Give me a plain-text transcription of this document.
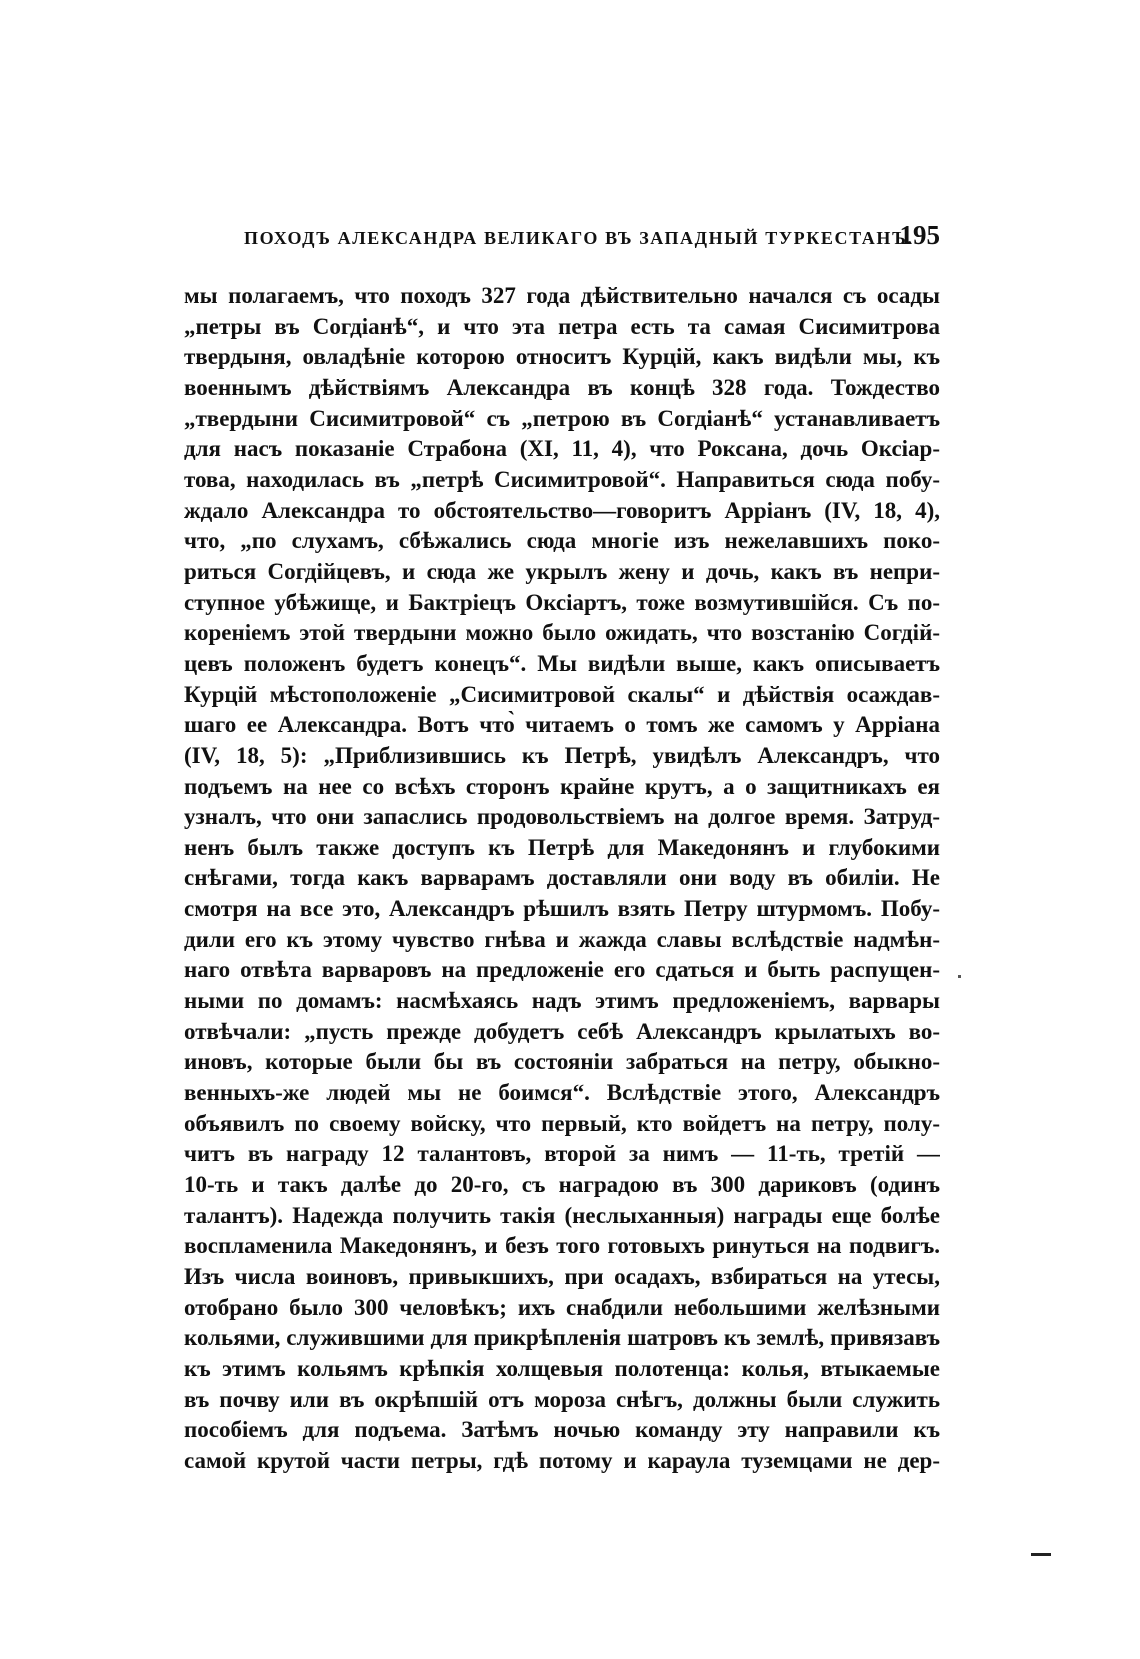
ПОХОДЪ АЛЕКСАНДРА ВЕЛИКАГО ВЪ ЗАПАДНЫЙ ТУРКЕСТАНЪ.
195
мы полагаемъ, что походъ 327 года дѣйствительно начался съ осады
„петры въ Согдіанѣ“, и что эта петра есть та самая Сисимитрова
твердыня, овладѣніе которою относитъ Курцій, какъ видѣли мы, къ
военнымъ дѣйствіямъ Александра въ концѣ 328 года. Тождество
„твердыни Сисимитровой“ съ „петрою въ Согдіанѣ“ устанавливаетъ
для насъ показаніе Страбона (XI, 11, 4), что Роксана, дочь Оксіар-
това, находилась въ „петрѣ Сисимитровой“. Направиться сюда побу-
ждало Александра то обстоятельство—говоритъ Арріанъ (IV, 18, 4),
что, „по слухамъ, сбѣжались сюда многіе изъ нежелавшихъ поко-
риться Согдійцевъ, и сюда же укрылъ жену и дочь, какъ въ непри-
ступное убѣжище, и Бактріецъ Оксіартъ, тоже возмутившійся. Съ по-
кореніемъ этой твердыни можно было ожидать, что возстанію Согдій-
цевъ положенъ будетъ конецъ“. Мы видѣли выше, какъ описываетъ
Курцій мѣстоположеніе „Сисимитровой скалы“ и дѣйствія осаждав-
шаго ее Александра. Вотъ что̀ читаемъ о томъ же самомъ у Арріана
(IV, 18, 5): „Приблизившись къ Петрѣ, увидѣлъ Александръ, что
подъемъ на нее со всѣхъ сторонъ крайне крутъ, а о защитникахъ ея
узналъ, что они запаслись продовольствіемъ на долгое время. Затруд-
ненъ былъ также доступъ къ Петрѣ для Македонянъ и глубокими
снѣгами, тогда какъ варварамъ доставляли они воду въ обиліи. Не
смотря на все это, Александръ рѣшилъ взять Петру штурмомъ. Побу-
дили его къ этому чувство гнѣва и жажда славы вслѣдствіе надмѣн-
наго отвѣта варваровъ на предложеніе его сдаться и быть распущен-
ными по домамъ: насмѣхаясь надъ этимъ предложеніемъ, варвары
отвѣчали: „пусть прежде добудетъ себѣ Александръ крылатыхъ во-
иновъ, которые были бы въ состояніи забраться на петру, обыкно-
венныхъ-же людей мы не боимся“. Вслѣдствіе этого, Александръ
объявилъ по своему войску, что первый, кто войдетъ на петру, полу-
читъ въ награду 12 талантовъ, второй за нимъ — 11-ть, третій —
10-ть и такъ далѣе до 20-го, съ наградою въ 300 дариковъ (одинъ
талантъ). Надежда получить такія (неслыханныя) награды еще болѣе
воспламенила Македонянъ, и безъ того готовыхъ ринуться на подвигъ.
Изъ числа воиновъ, привыкшихъ, при осадахъ, взбираться на утесы,
отобрано было 300 человѣкъ; ихъ снабдили небольшими желѣзными
кольями, служившими для прикрѣпленія шатровъ къ землѣ, привязавъ
къ этимъ кольямъ крѣпкія холщевыя полотенца: колья, втыкаемые
въ почву или въ окрѣпшій отъ мороза снѣгъ, должны были служить
пособіемъ для подъема. Затѣмъ ночью команду эту направили къ
самой крутой части петры, гдѣ потому и караула туземцами не дер-
